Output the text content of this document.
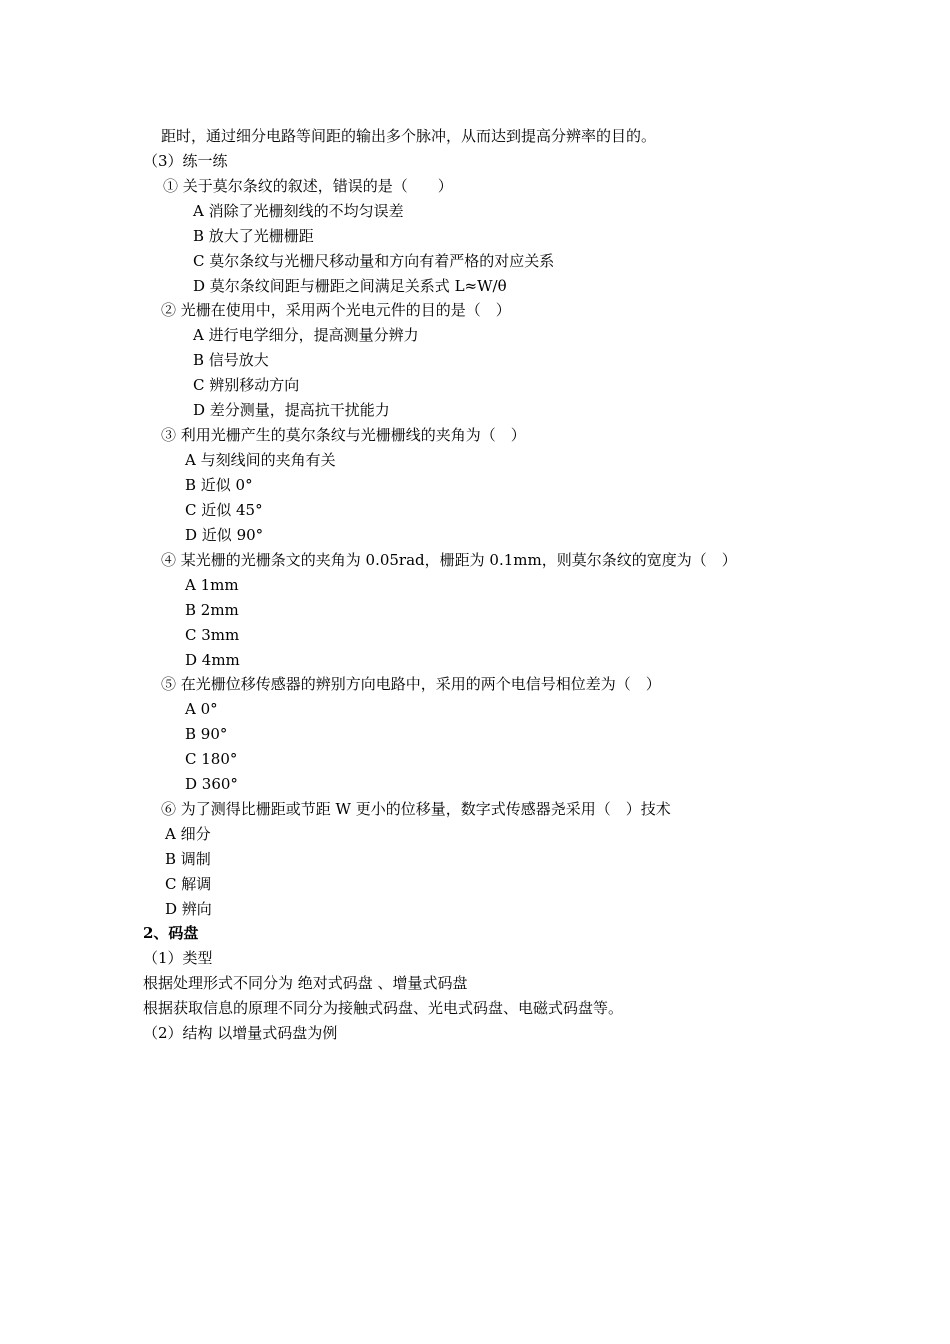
距时，通过细分电路等间距的输出多个脉冲，从而达到提高分辨率的目的。
（3）练一练
① 关于莫尔条纹的叙述，错误的是（　　）
A 消除了光栅刻线的不均匀误差
B 放大了光栅栅距
C 莫尔条纹与光栅尺移动量和方向有着严格的对应关系
D 莫尔条纹间距与栅距之间满足关系式 L≈W/θ
② 光栅在使用中，采用两个光电元件的目的是（　）
A 进行电学细分，提高测量分辨力
B 信号放大
C 辨别移动方向
D 差分测量，提高抗干扰能力
③ 利用光栅产生的莫尔条纹与光栅栅线的夹角为（　）
A 与刻线间的夹角有关
B 近似 0°
C 近似 45°
D 近似 90°
④ 某光栅的光栅条文的夹角为 0.05rad，栅距为 0.1mm，则莫尔条纹的宽度为（　）
A 1mm
B 2mm
C 3mm
D 4mm
⑤ 在光栅位移传感器的辨别方向电路中，采用的两个电信号相位差为（　）
A 0°
B 90°
C 180°
D 360°
⑥ 为了测得比栅距或节距 W 更小的位移量，数字式传感器尧采用（　）技术
A 细分
B 调制
C 解调
D 辨向
2、码盘
（1）类型
根据处理形式不同分为 绝对式码盘 、增量式码盘
根据获取信息的原理不同分为接触式码盘、光电式码盘、电磁式码盘等。
（2）结构 以增量式码盘为例
